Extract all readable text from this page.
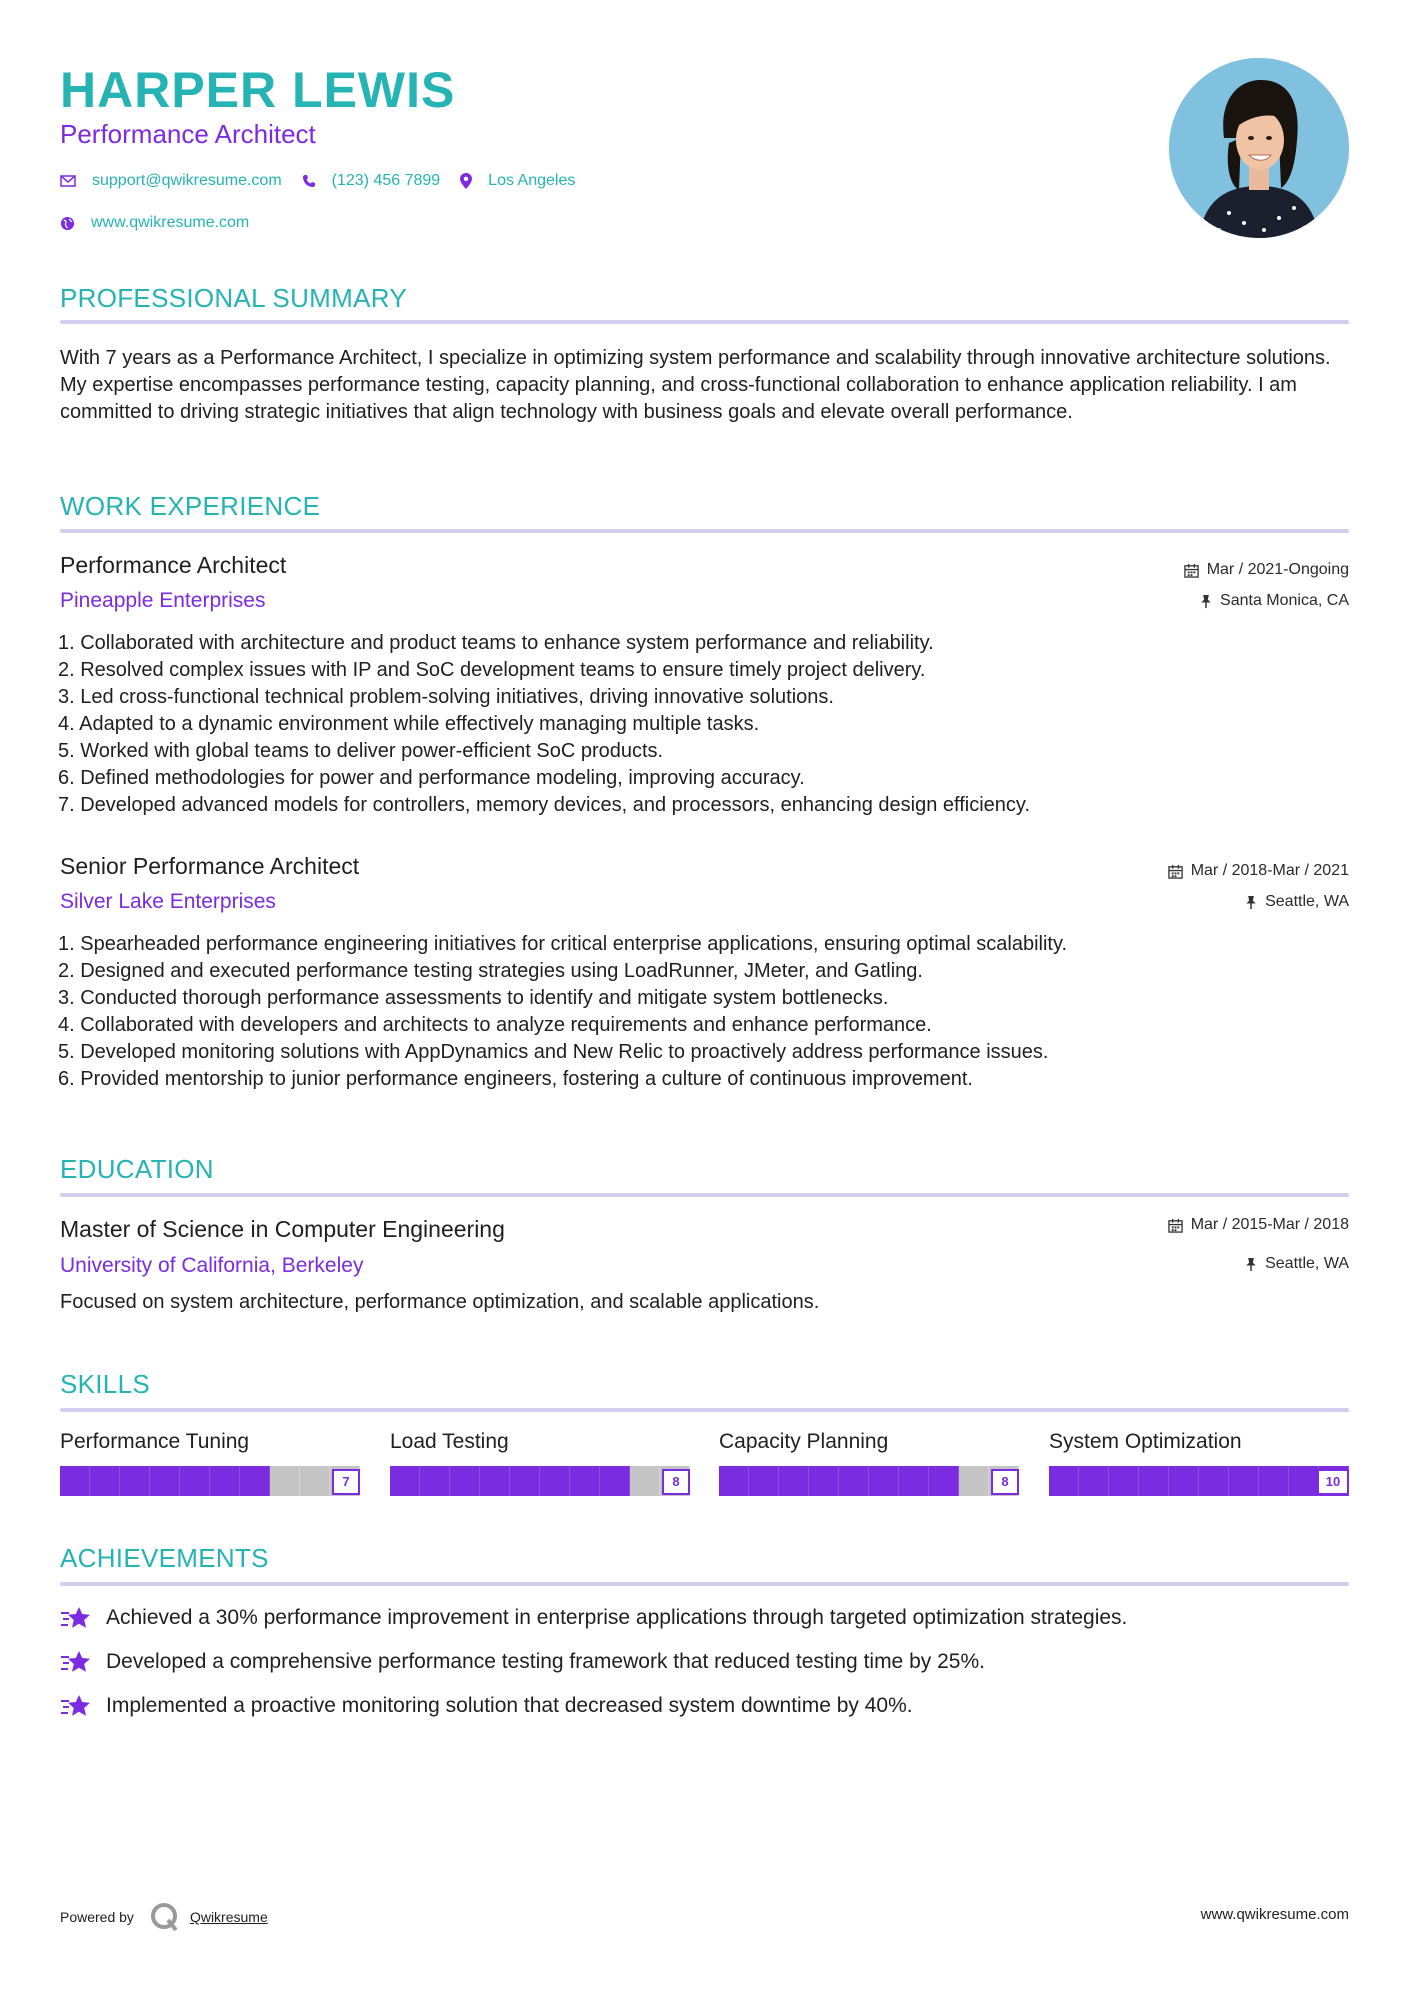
HARPER LEWIS
Performance Architect
support@qwikresume.com	(123) 456 7899	Los Angeles
www.qwikresume.com
PROFESSIONAL SUMMARY
With 7 years as a Performance Architect, I specialize in optimizing system performance and scalability through innovative architecture solutions. My expertise encompasses performance testing, capacity planning, and cross-functional collaboration to enhance application reliability. I am committed to driving strategic initiatives that align technology with business goals and elevate overall performance.
WORK EXPERIENCE
Performance Architect
Pineapple Enterprises
Mar / 2021-Ongoing
Santa Monica, CA
1. Collaborated with architecture and product teams to enhance system performance and reliability.
2. Resolved complex issues with IP and SoC development teams to ensure timely project delivery.
3. Led cross-functional technical problem-solving initiatives, driving innovative solutions.
4. Adapted to a dynamic environment while effectively managing multiple tasks.
5. Worked with global teams to deliver power-efficient SoC products.
6. Defined methodologies for power and performance modeling, improving accuracy.
7. Developed advanced models for controllers, memory devices, and processors, enhancing design efficiency.
Senior Performance Architect
Silver Lake Enterprises
Mar / 2018-Mar / 2021
Seattle, WA
1. Spearheaded performance engineering initiatives for critical enterprise applications, ensuring optimal scalability.
2. Designed and executed performance testing strategies using LoadRunner, JMeter, and Gatling.
3. Conducted thorough performance assessments to identify and mitigate system bottlenecks.
4. Collaborated with developers and architects to analyze requirements and enhance performance.
5. Developed monitoring solutions with AppDynamics and New Relic to proactively address performance issues.
6. Provided mentorship to junior performance engineers, fostering a culture of continuous improvement.
EDUCATION
Master of Science in Computer Engineering
University of California, Berkeley
Mar / 2015-Mar / 2018
Seattle, WA
Focused on system architecture, performance optimization, and scalable applications.
SKILLS
Performance Tuning
7
Load Testing
8
Capacity Planning
8
System Optimization
10
ACHIEVEMENTS
Achieved a 30% performance improvement in enterprise applications through targeted optimization strategies.
Developed a comprehensive performance testing framework that reduced testing time by 25%.
Implemented a proactive monitoring solution that decreased system downtime by 40%.
Powered by	Qwikresume	www.qwikresume.com
